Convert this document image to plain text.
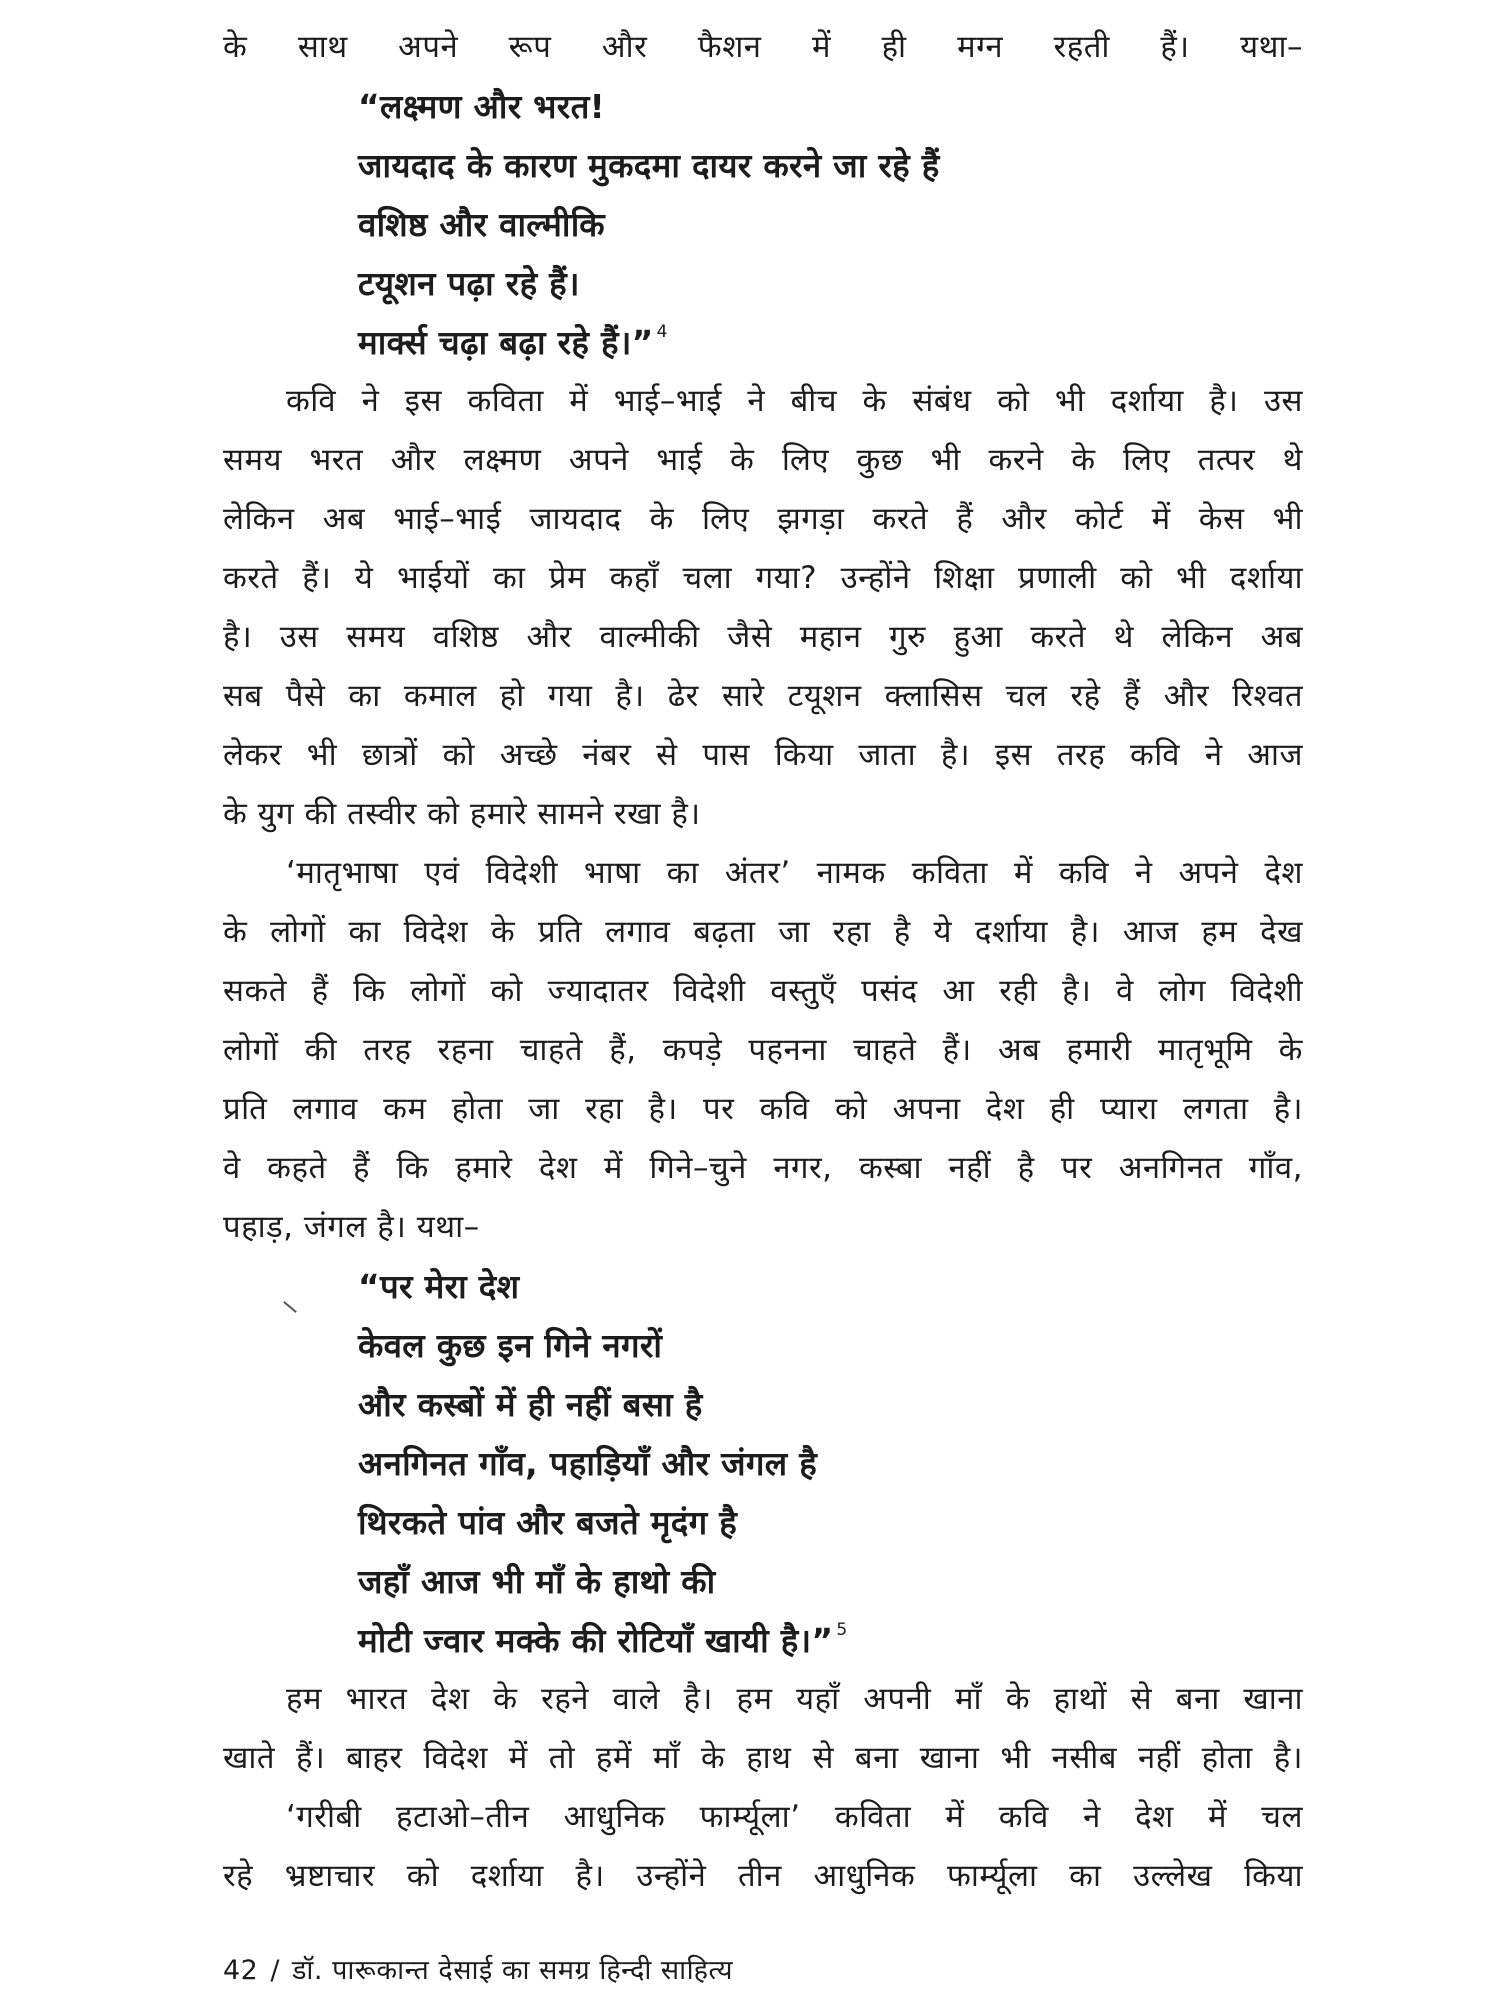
के साथ अपने रूप और फैशन में ही मग्न रहती हैं। यथा–
“लक्ष्मण और भरत!
जायदाद के कारण मुकदमा दायर करने जा रहे हैं
वशिष्ठ और वाल्मीकि
टयूशन पढ़ा रहे हैं।
मार्क्स चढ़ा बढ़ा रहे हैं।” $^4$
कवि ने इस कविता में भाई–भाई ने बीच के संबंध को भी दर्शाया है। उस
समय भरत और लक्ष्मण अपने भाई के लिए कुछ भी करने के लिए तत्पर थे
लेकिन अब भाई–भाई जायदाद के लिए झगड़ा करते हैं और कोर्ट में केस भी
करते हैं। ये भाईयों का प्रेम कहाँ चला गया? उन्होंने शिक्षा प्रणाली को भी दर्शाया
है। उस समय वशिष्ठ और वाल्मीकी जैसे महान गुरु हुआ करते थे लेकिन अब
सब पैसे का कमाल हो गया है। ढेर सारे टयूशन क्लासिस चल रहे हैं और रिश्वत
लेकर भी छात्रों को अच्छे नंबर से पास किया जाता है। इस तरह कवि ने आज
के युग की तस्वीर को हमारे सामने रखा है।
‘मातृभाषा एवं विदेशी भाषा का अंतर’ नामक कविता में कवि ने अपने देश
के लोगों का विदेश के प्रति लगाव बढ़ता जा रहा है ये दर्शाया है। आज हम देख
सकते हैं कि लोगों को ज्यादातर विदेशी वस्तुएँ पसंद आ रही है। वे लोग विदेशी
लोगों की तरह रहना चाहते हैं, कपड़े पहनना चाहते हैं। अब हमारी मातृभूमि के
प्रति लगाव कम होता जा रहा है। पर कवि को अपना देश ही प्यारा लगता है।
वे कहते हैं कि हमारे देश में गिने–चुने नगर, कस्बा नहीं है पर अनगिनत गाँव,
पहाड़, जंगल है। यथा–
“पर मेरा देश
केवल कुछ इन गिने नगरों
और कस्बों में ही नहीं बसा है
अनगिनत गाँव, पहाड़ियाँ और जंगल है
थिरकते पांव और बजते मृदंग है
जहाँ आज भी माँ के हाथो की
मोटी ज्वार मक्के की रोटियाँ खायी है।” $^5$
हम भारत देश के रहने वाले है। हम यहाँ अपनी माँ के हाथों से बना खाना
खाते हैं। बाहर विदेश में तो हमें माँ के हाथ से बना खाना भी नसीब नहीं होता है।
‘गरीबी हटाओ–तीन आधुनिक फार्म्यूला’ कविता में कवि ने देश में चल
रहे भ्रष्टाचार को दर्शाया है। उन्होंने तीन आधुनिक फार्म्यूला का उल्लेख किया
42 / डॉ. पारूकान्त देसाई का समग्र हिन्दी साहित्य
